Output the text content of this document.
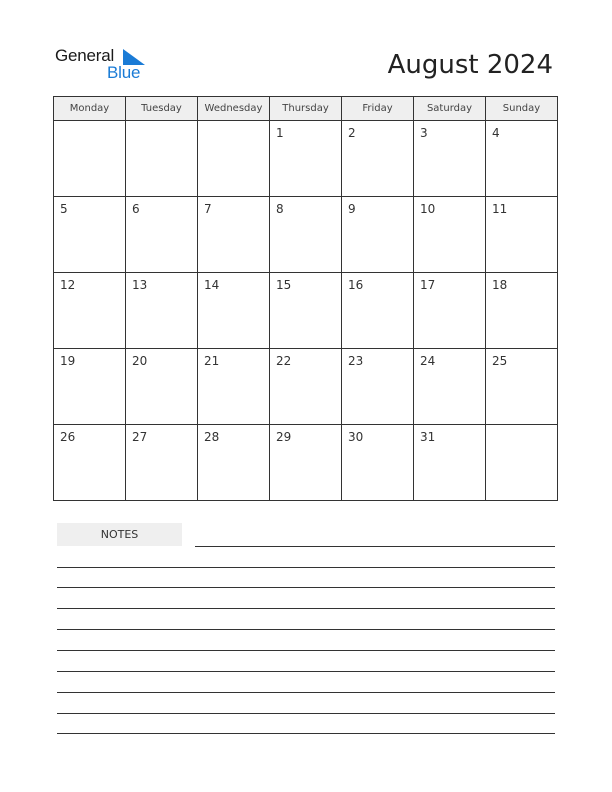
General
Blue	August 2024
Monday	Tuesday	Wednesday	Thursday	Friday	Saturday	Sunday

			1	2	3	4

5	6	7	8	9	10	11

12	13	14	15	16	17	18

19	20	21	22	23	24	25

26	27	28	29	30	31	

NOTES
